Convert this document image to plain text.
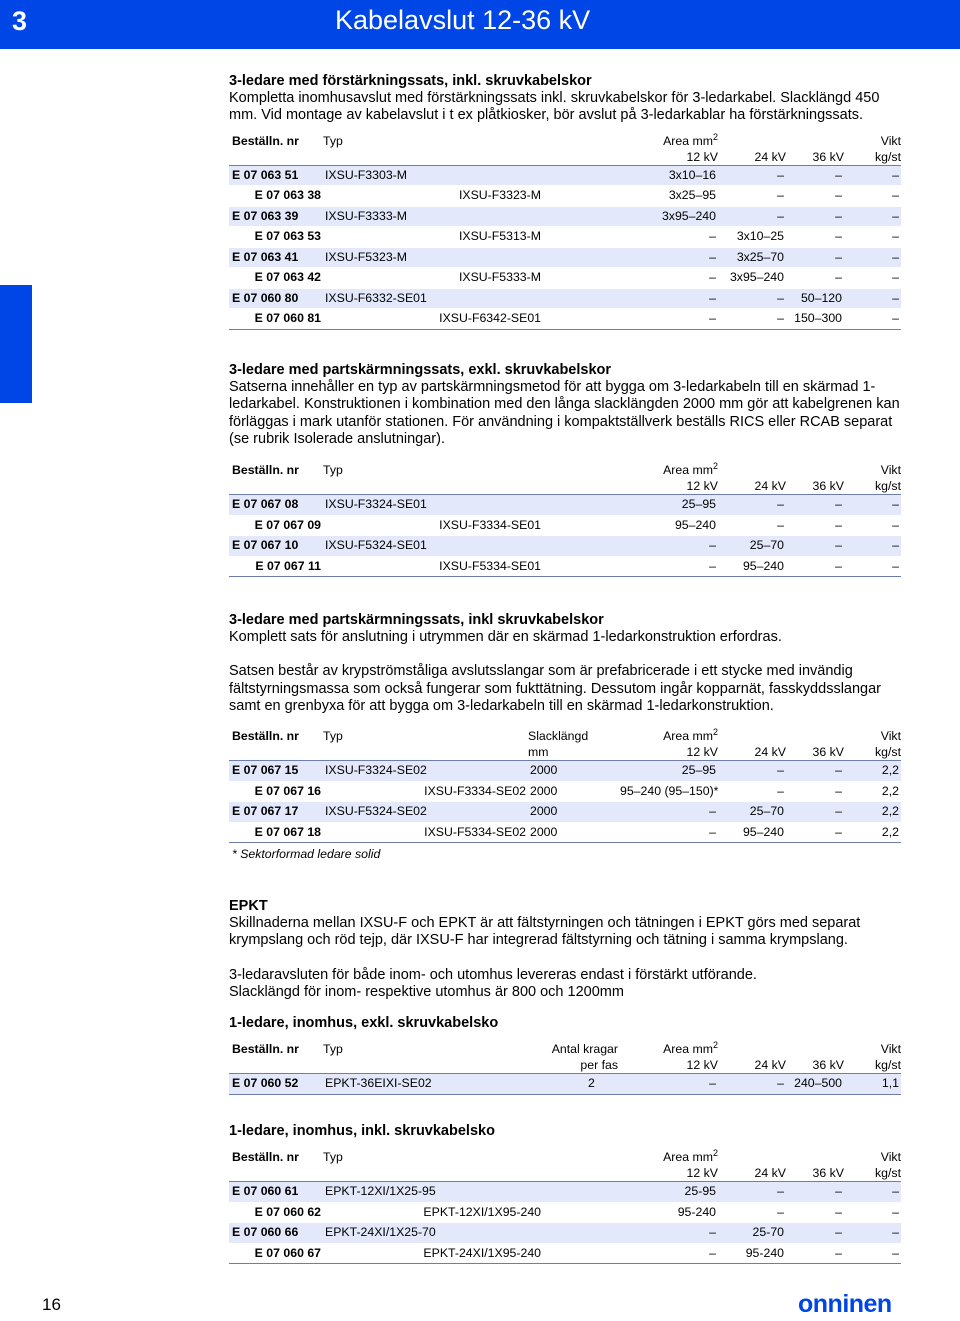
3	Kabelavslut 12-36 kV
3-ledare med förstärkningssats, inkl. skruvkabelskor
Kompletta inomhusavslut med förstärkningssats inkl. skruvkabelskor för 3-ledarkabel. Slacklängd 450 mm. Vid montage av kabelavslut i t ex plåtkiosker, bör avslut på 3-ledarkablar ha förstärkningssats.
Beställn. nr	Typ	Area $mm^2$			Vikt
		12 kV	24 kV	36 kV	kg/st
E 07 063 51	IXSU-F3303-M	3x10–16	–	–	–
E 07 063 38	IXSU-F3323-M	3x25–95	–	–	–
E 07 063 39	IXSU-F3333-M	3x95–240	–	–	–
E 07 063 53	IXSU-F5313-M	–	3x10–25	–	–
E 07 063 41	IXSU-F5323-M	–	3x25–70	–	–
E 07 063 42	IXSU-F5333-M	–	3x95–240	–	–
E 07 060 80	IXSU-F6332-SE01	–	–	50–120	–
E 07 060 81	IXSU-F6342-SE01	–	–	150–300	–
3-ledare med partskärmningssats, exkl. skruvkabelskor
Satserna innehåller en typ av partskärmningsmetod för att bygga om 3-ledarkabeln till en skärmad 1-ledarkabel. Konstruktionen i kombination med den långa slacklängden 2000 mm gör att kabelgrenen kan förläggas i mark utanför stationen. För användning i kompaktställverk beställs RICS eller RCAB separat (se rubrik Isolerade anslutningar).
Beställn. nr	Typ	Area $mm^2$			Vikt
		12 kV	24 kV	36 kV	kg/st
E 07 067 08	IXSU-F3324-SE01	25–95	–	–	–
E 07 067 09	IXSU-F3334-SE01	95–240	–	–	–
E 07 067 10	IXSU-F5324-SE01	–	25–70	–	–
E 07 067 11	IXSU-F5334-SE01	–	95–240	–	–
3-ledare med partskärmningssats, inkl skruvkabelskor
Komplett sats för anslutning i utrymmen där en skärmad 1-ledarkonstruktion erfordras.
Satsen består av krypströmståliga avslutsslangar som är prefabricerade i ett stycke med invändig fältstyrningsmassa som också fungerar som fukttätning. Dessutom ingår kopparnät, fasskyddsslangar samt en grenbyxa för att bygga om 3-ledarkabeln till en skärmad 1-ledarkonstruktion.
Beställn. nr	Typ	Slacklängd	Area $mm^2$			Vikt
		mm	12 kV	24 kV	36 kV	kg/st
E 07 067 15	IXSU-F3324-SE02	2000	25–95	–	–	2,2
E 07 067 16	IXSU-F3334-SE02	2000	95–240 (95–150)*	–	–	2,2
E 07 067 17	IXSU-F5324-SE02	2000	–	25–70	–	2,2
E 07 067 18	IXSU-F5334-SE02	2000	–	95–240	–	2,2
* Sektorformad ledare solid
EPKT
Skillnaderna mellan IXSU-F och EPKT är att fältstyrningen och tätningen i EPKT görs med separat krympslang och röd tejp, där IXSU-F har integrerad fältstyrning och tätning i samma krympslang.
3-ledaravsluten för både inom- och utomhus levereras endast i förstärkt utförande.
Slacklängd för inom- respektive utomhus är 800 och 1200mm
1-ledare, inomhus, exkl. skruvkabelsko
Beställn. nr	Typ	Antal kragar	Area $mm^2$			Vikt
		per fas	12 kV	24 kV	36 kV	kg/st
E 07 060 52	EPKT-36EIXI-SE02	2	–	–	240–500	1,1
1-ledare, inomhus, inkl. skruvkabelsko
Beställn. nr	Typ	Area $mm^2$			Vikt
		12 kV	24 kV	36 kV	kg/st
E 07 060 61	EPKT-12XI/1X25-95	25-95	–	–	–
E 07 060 62	EPKT-12XI/1X95-240	95-240	–	–	–
E 07 060 66	EPKT-24XI/1X25-70	–	25-70	–	–
E 07 060 67	EPKT-24XI/1X95-240	–	95-240	–	–
16	onninen
